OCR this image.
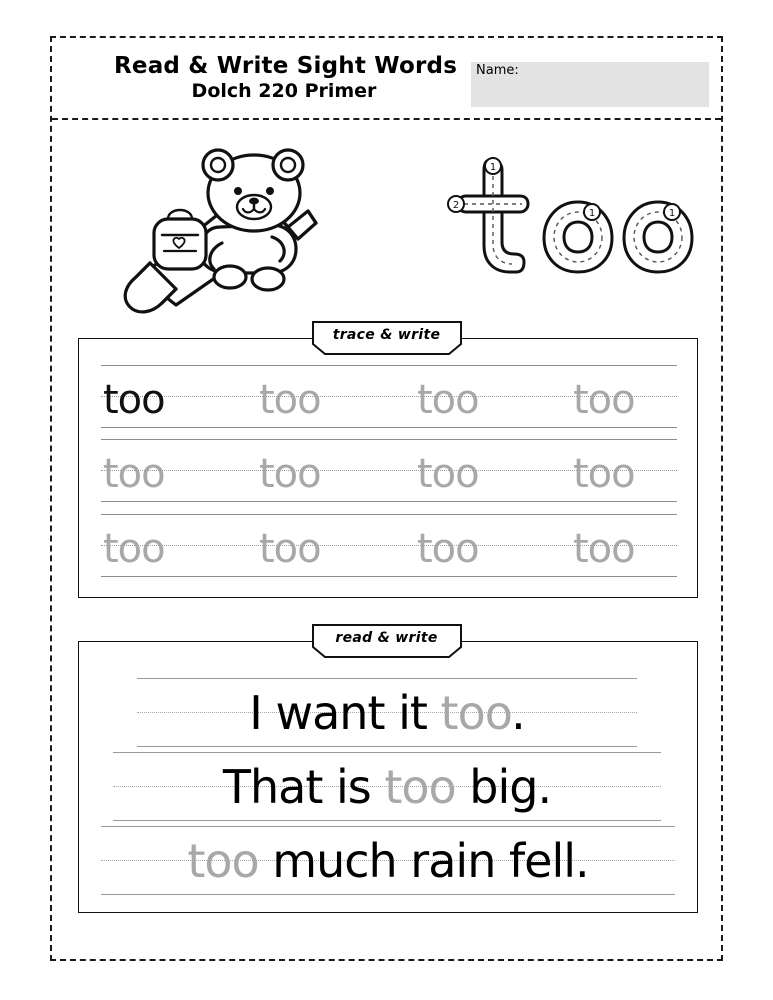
Read & Write Sight Words
Dolch 220 Primer
Name:
1
2
1	1
too too too too
too too too too
too too too too
trace & write
I want it too.
That is too big.
too much rain fell.
read & write
